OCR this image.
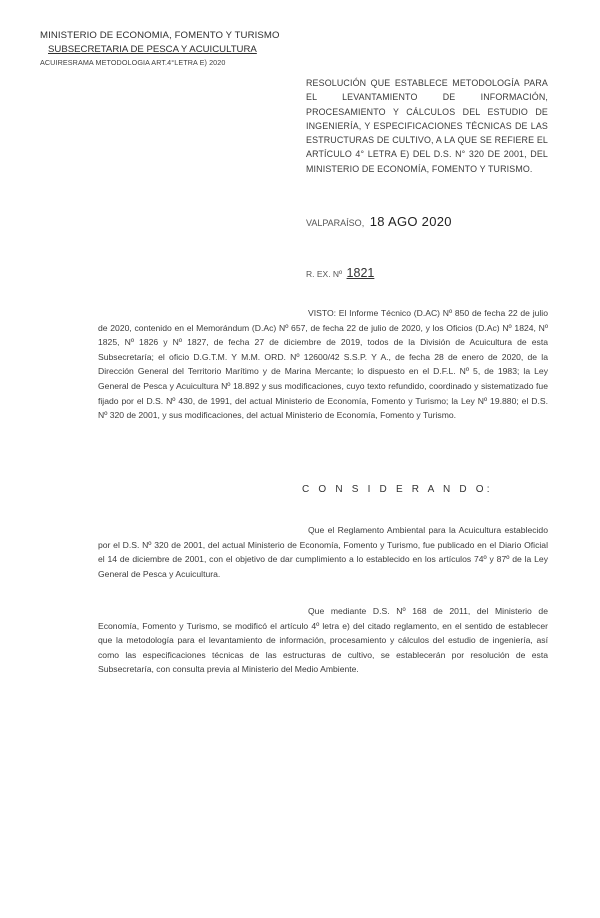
MINISTERIO DE ECONOMIA, FOMENTO Y TURISMO
SUBSECRETARIA DE PESCA Y ACUICULTURA
ACUIRESRAMA METODOLOGIA ART.4°LETRA E) 2020
RESOLUCIÓN QUE ESTABLECE METODOLOGÍA PARA EL LEVANTAMIENTO DE INFORMACIÓN, PROCESAMIENTO Y CÁLCULOS DEL ESTUDIO DE INGENIERÍA, Y ESPECIFICACIONES TÉCNICAS DE LAS ESTRUCTURAS DE CULTIVO, A LA QUE SE REFIERE EL ARTÍCULO 4° LETRA E) DEL D.S. N° 320 DE 2001, DEL MINISTERIO DE ECONOMÍA, FOMENTO Y TURISMO.
VALPARAÍSO, 18 AGO 2020
R. EX. Nº 1821
VISTO: El Informe Técnico (D.AC) Nº 850 de fecha 22 de julio de 2020, contenido en el Memorándum (D.Ac) Nº 657, de fecha 22 de julio de 2020, y los Oficios (D.Ac) Nº 1824, Nº 1825, Nº 1826 y Nº 1827, de fecha 27 de diciembre de 2019, todos de la División de Acuicultura de esta Subsecretaría; el oficio D.G.T.M. Y M.M. ORD. Nº 12600/42 S.S.P. Y A., de fecha 28 de enero de 2020, de la Dirección General del Territorio Marítimo y de Marina Mercante; lo dispuesto en el D.F.L. Nº 5, de 1983; la Ley General de Pesca y Acuicultura Nº 18.892 y sus modificaciones, cuyo texto refundido, coordinado y sistematizado fue fijado por el D.S. Nº 430, de 1991, del actual Ministerio de Economía, Fomento y Turismo; la Ley Nº 19.880; el D.S. Nº 320 de 2001, y sus modificaciones, del actual Ministerio de Economía, Fomento y Turismo.
C O N S I D E R A N D O:
Que el Reglamento Ambiental para la Acuicultura establecido por el D.S. Nº 320 de 2001, del actual Ministerio de Economía, Fomento y Turismo, fue publicado en el Diario Oficial el 14 de diciembre de 2001, con el objetivo de dar cumplimiento a lo establecido en los artículos 74º y 87º de la Ley General de Pesca y Acuicultura.
Que mediante D.S. Nº 168 de 2011, del Ministerio de Economía, Fomento y Turismo, se modificó el artículo 4º letra e) del citado reglamento, en el sentido de establecer que la metodología para el levantamiento de información, procesamiento y cálculos del estudio de ingeniería, así como las especificaciones técnicas de las estructuras de cultivo, se establecerán por resolución de esta Subsecretaría, con consulta previa al Ministerio del Medio Ambiente.
